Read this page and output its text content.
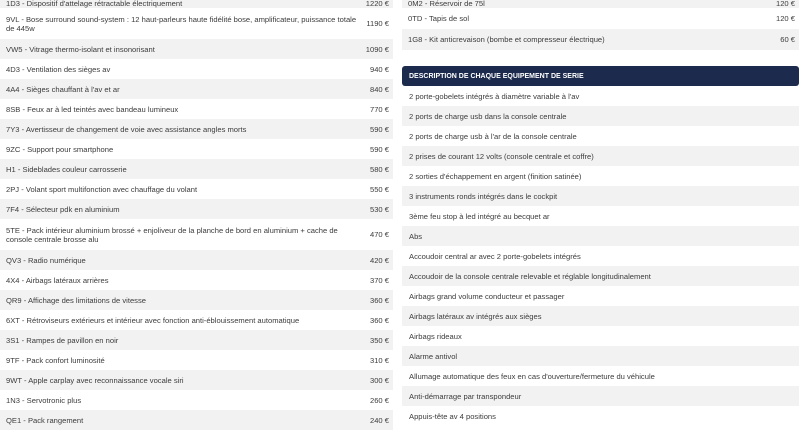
1D3 - Dispositif d'attelage rétractable électriquement	1220 €
9VL - Bose surround sound-system : 12 haut-parleurs haute fidélité bose, amplificateur, puissance totale de 445w	1190 €
VW5 - Vitrage thermo-isolant et insonorisant	1090 €
4D3 - Ventilation des sièges av	940 €
4A4 - Sièges chauffant à l'av et ar	840 €
8SB - Feux ar à led teintés avec bandeau lumineux	770 €
7Y3 - Avertisseur de changement de voie avec assistance angles morts	590 €
9ZC - Support pour smartphone	590 €
H1 - Sideblades couleur carrosserie	580 €
2PJ - Volant sport multifonction avec chauffage du volant	550 €
7F4 - Sélecteur pdk en aluminium	530 €
5TE - Pack intérieur aluminium brossé + enjoliveur de la planche de bord en aluminium + cache de console centrale brosse alu	470 €
QV3 - Radio numérique	420 €
4X4 - Airbags latéraux arrières	370 €
QR9 - Affichage des limitations de vitesse	360 €
6XT - Rétroviseurs extérieurs et intérieur avec fonction anti-éblouissement automatique	360 €
3S1 - Rampes de pavillon en noir	350 €
9TF - Pack confort luminosité	310 €
9WT - Apple carplay avec reconnaissance vocale siri	300 €
1N3 - Servotronic plus	260 €
QE1 - Pack rangement	240 €
0M2 - Réservoir de 75l	120 €
0TD - Tapis de sol	120 €
1G8 - Kit anticrevaison (bombe et compresseur électrique)	60 €
DESCRIPTION DE CHAQUE EQUIPEMENT DE SERIE
2 porte-gobelets intégrés à diamètre variable à l'av
2 ports de charge usb dans la console centrale
2 ports de charge usb à l'ar de la console centrale
2 prises de courant 12 volts (console centrale et coffre)
2 sorties d'échappement en argent (finition satinée)
3 instruments ronds intégrés dans le cockpit
3ème feu stop à led intégré au becquet ar
Abs
Accoudoir central ar avec 2 porte-gobelets intégrés
Accoudoir de la console centrale relevable et réglable longitudinalement
Airbags grand volume conducteur et passager
Airbags latéraux av intégrés aux sièges
Airbags rideaux
Alarme antivol
Allumage automatique des feux en cas d'ouverture/fermeture du véhicule
Anti-démarrage par transpondeur
Appuis-tête av 4 positions
